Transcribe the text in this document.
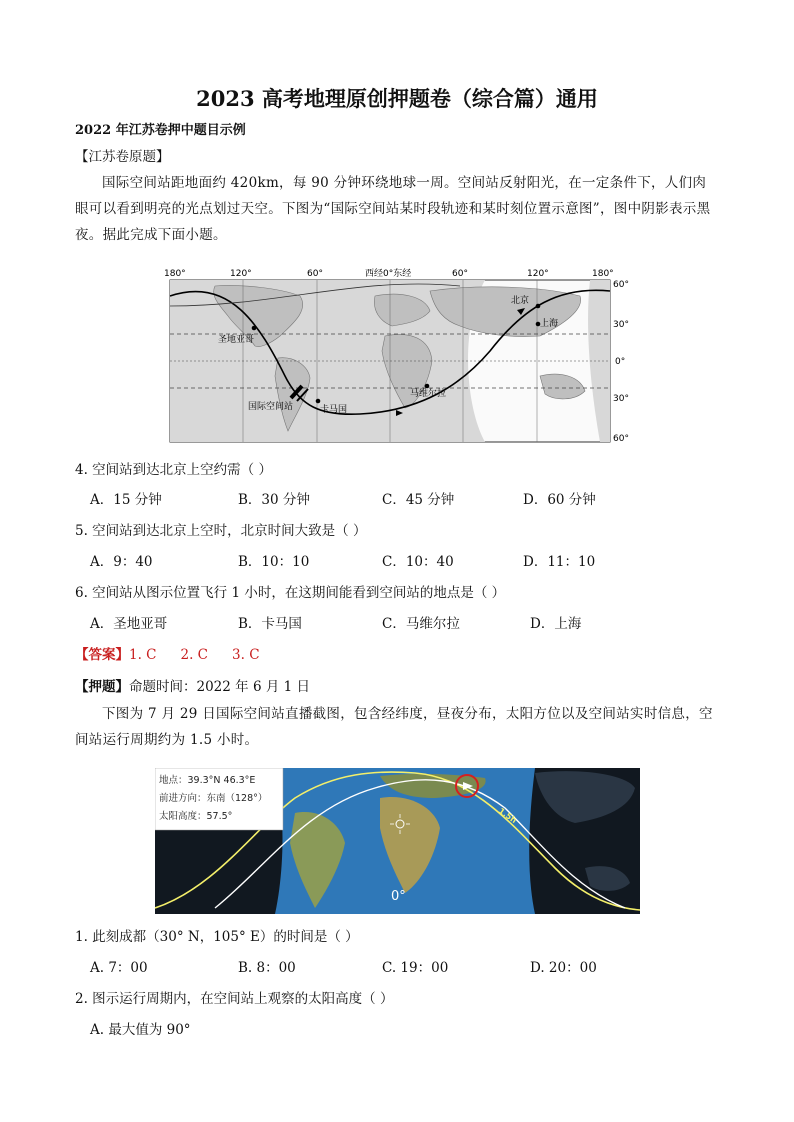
2023 高考地理原创押题卷（综合篇）通用
2022 年江苏卷押中题目示例
【江苏卷原题】
国际空间站距地面约 420km，每 90 分钟环绕地球一周。空间站反射阳光，在一定条件下，人们肉眼可以看到明亮的光点划过天空。下图为“国际空间站某时段轨迹和某时刻位置示意图”，图中阴影表示黑夜。据此完成下面小题。
180°	120°	60°	西经0°东经	60°	120°	180°
北京
上海
圣地亚哥
国际空间站	卡马国
马维尔拉
60°
30°
0°
30°
60°
4. 空间站到达北京上空约需（ ）
A．15 分钟	B．30 分钟	C．45 分钟	D．60 分钟
5. 空间站到达北京上空时，北京时间大致是（ ）
A．9：40	B．10：10	C．10：40	D．11：10
6. 空间站从图示位置飞行 1 小时，在这期间能看到空间站的地点是（ ）
A．圣地亚哥	B．卡马国	C．马维尔拉	D．上海
【答案】1. C 2. C 3. C
【押题】命题时间：2022 年 6 月 1 日
下图为 7 月 29 日国际空间站直播截图，包含经纬度，昼夜分布，太阳方位以及空间站实时信息，空间站运行周期约为 1.5 小时。
1.5h
0°
地点：39.3°N 46.3°E
前进方向：东南（128°）
太阳高度：57.5°
1. 此刻成都（30° N，105° E）的时间是（ ）
A. 7：00	B. 8：00	C. 19：00	D. 20：00
2. 图示运行周期内，在空间站上观察的太阳高度（ ）
A. 最大值为 90°
